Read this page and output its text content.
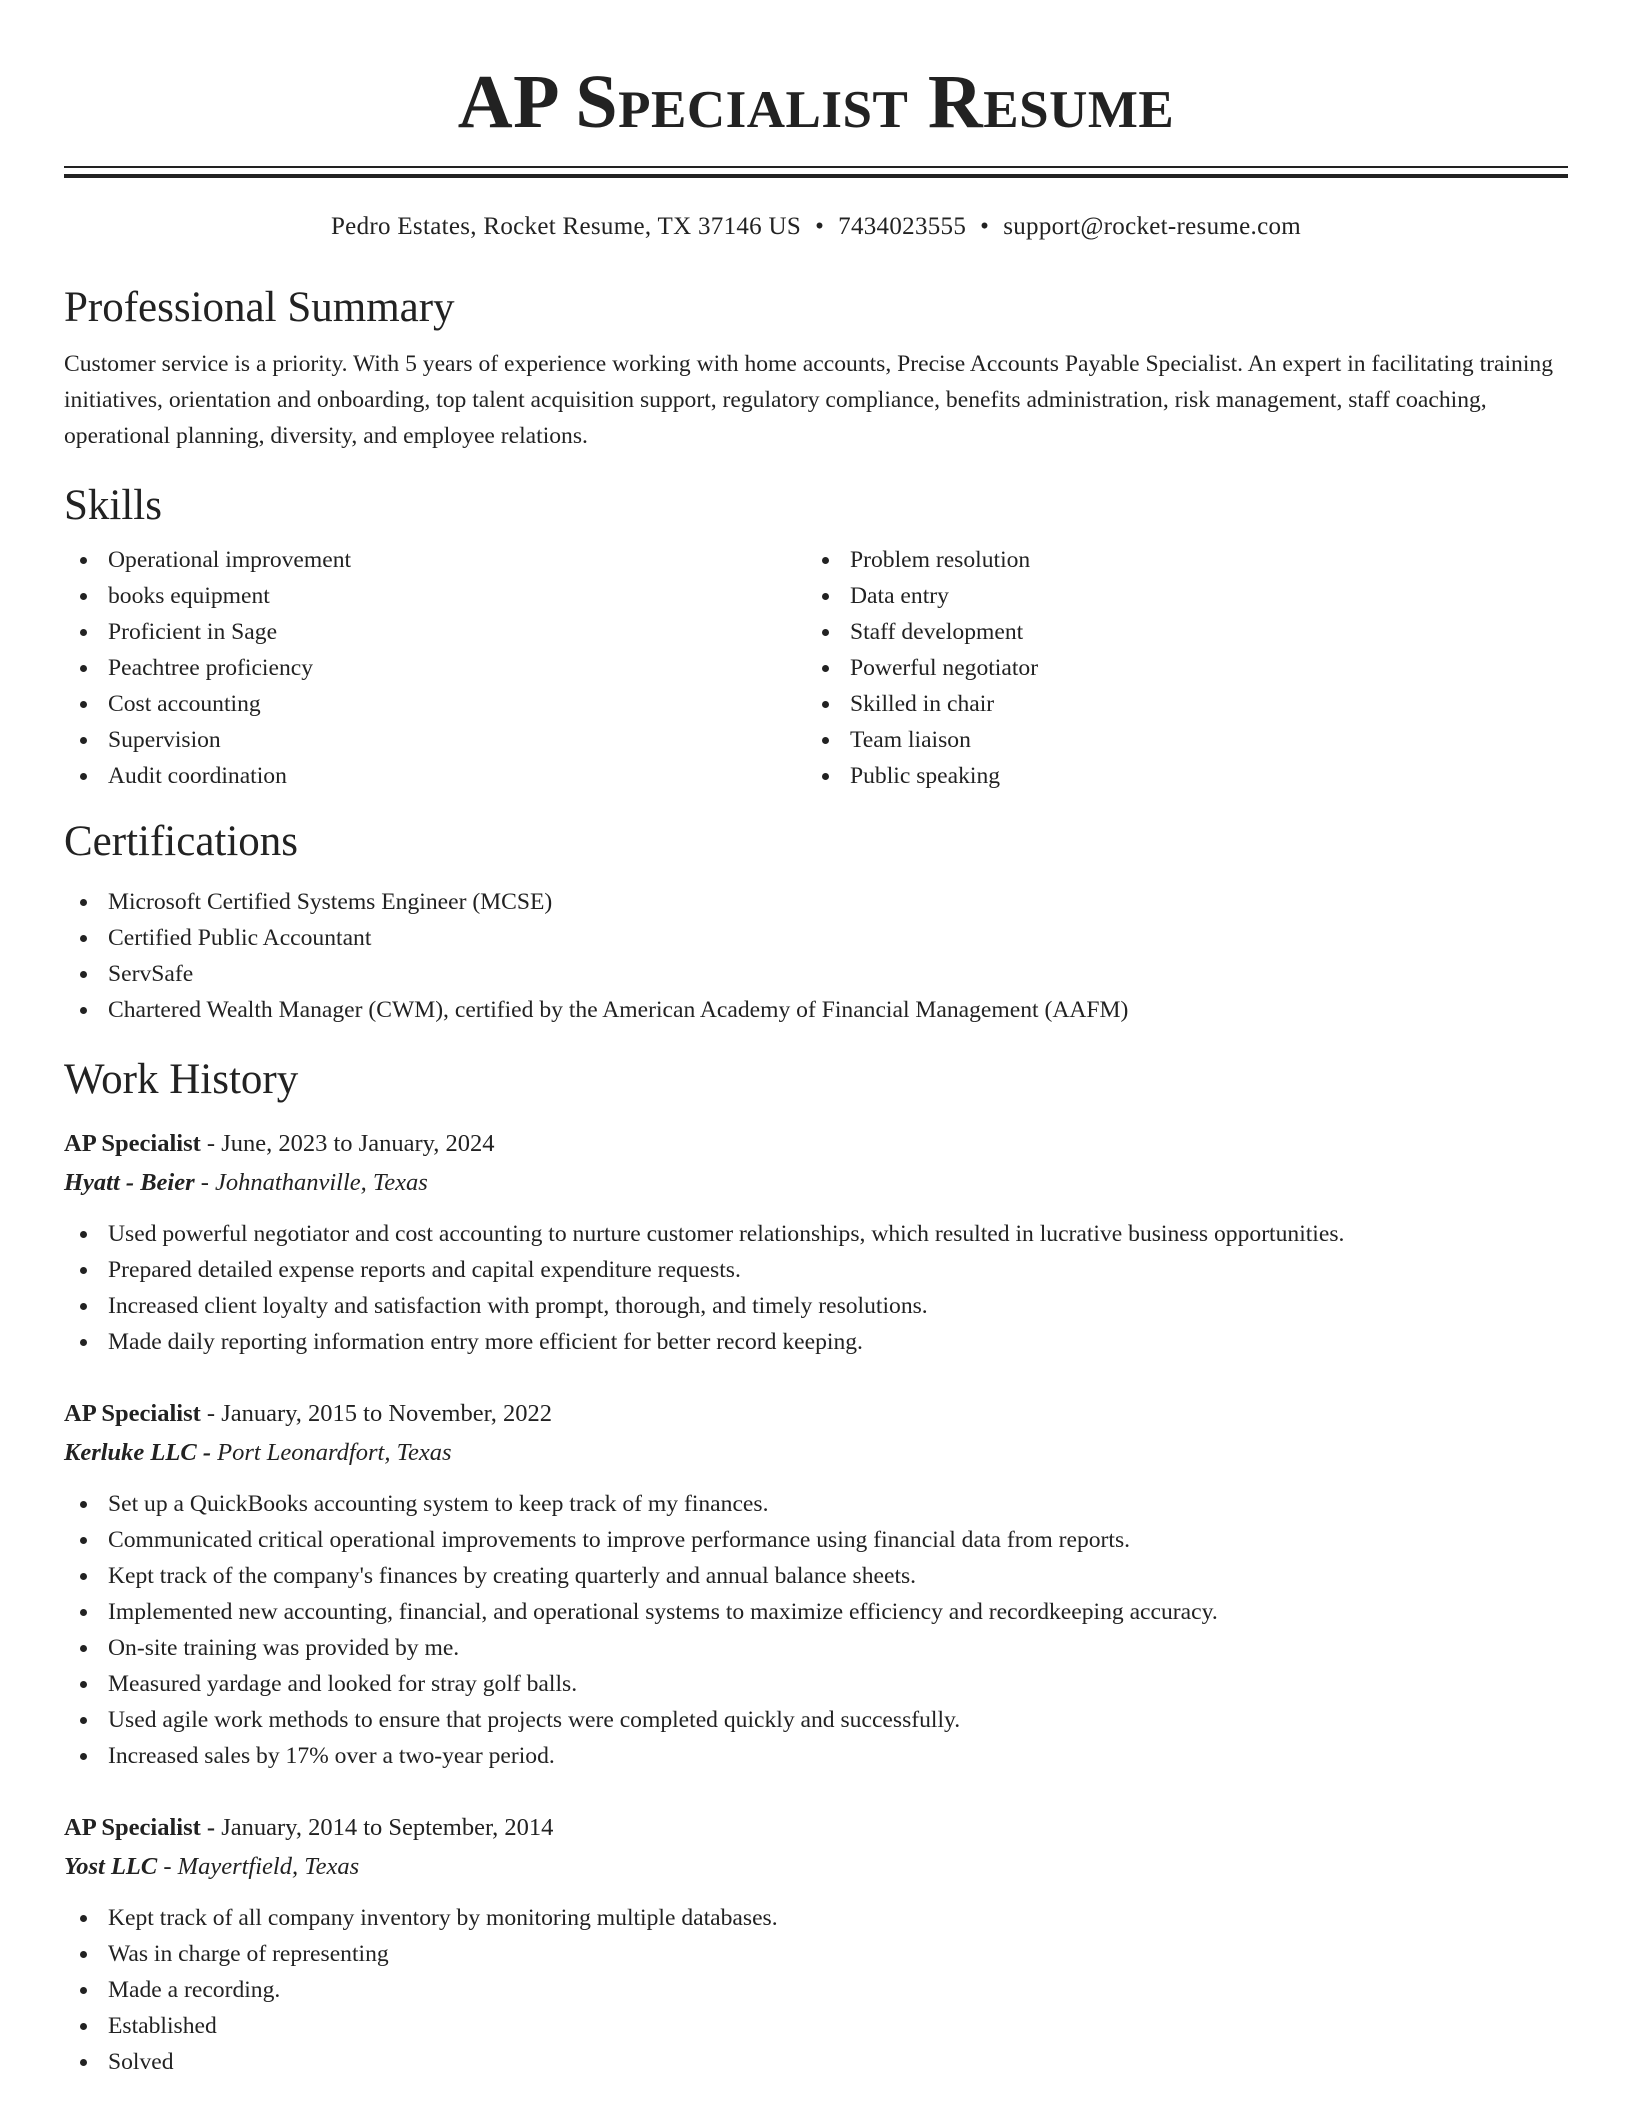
AP Specialist Resume
Pedro Estates, Rocket Resume, TX 37146 US • 7434023555 • support@rocket-resume.com
Professional Summary
Customer service is a priority. With 5 years of experience working with home accounts, Precise Accounts Payable Specialist. An expert in facilitating training initiatives, orientation and onboarding, top talent acquisition support, regulatory compliance, benefits administration, risk management, staff coaching, operational planning, diversity, and employee relations.
Skills
Operational improvement
books equipment
Proficient in Sage
Peachtree proficiency
Cost accounting
Supervision
Audit coordination
Problem resolution
Data entry
Staff development
Powerful negotiator
Skilled in chair
Team liaison
Public speaking
Certifications
Microsoft Certified Systems Engineer (MCSE)
Certified Public Accountant
ServSafe
Chartered Wealth Manager (CWM), certified by the American Academy of Financial Management (AAFM)
Work History
AP Specialist - June, 2023 to January, 2024
Hyatt - Beier - Johnathanville, Texas
Used powerful negotiator and cost accounting to nurture customer relationships, which resulted in lucrative business opportunities.
Prepared detailed expense reports and capital expenditure requests.
Increased client loyalty and satisfaction with prompt, thorough, and timely resolutions.
Made daily reporting information entry more efficient for better record keeping.
AP Specialist - January, 2015 to November, 2022
Kerluke LLC - Port Leonardfort, Texas
Set up a QuickBooks accounting system to keep track of my finances.
Communicated critical operational improvements to improve performance using financial data from reports.
Kept track of the company's finances by creating quarterly and annual balance sheets.
Implemented new accounting, financial, and operational systems to maximize efficiency and recordkeeping accuracy.
On-site training was provided by me.
Measured yardage and looked for stray golf balls.
Used agile work methods to ensure that projects were completed quickly and successfully.
Increased sales by 17% over a two-year period.
AP Specialist - January, 2014 to September, 2014
Yost LLC - Mayertfield, Texas
Kept track of all company inventory by monitoring multiple databases.
Was in charge of representing
Made a recording.
Established
Solved
